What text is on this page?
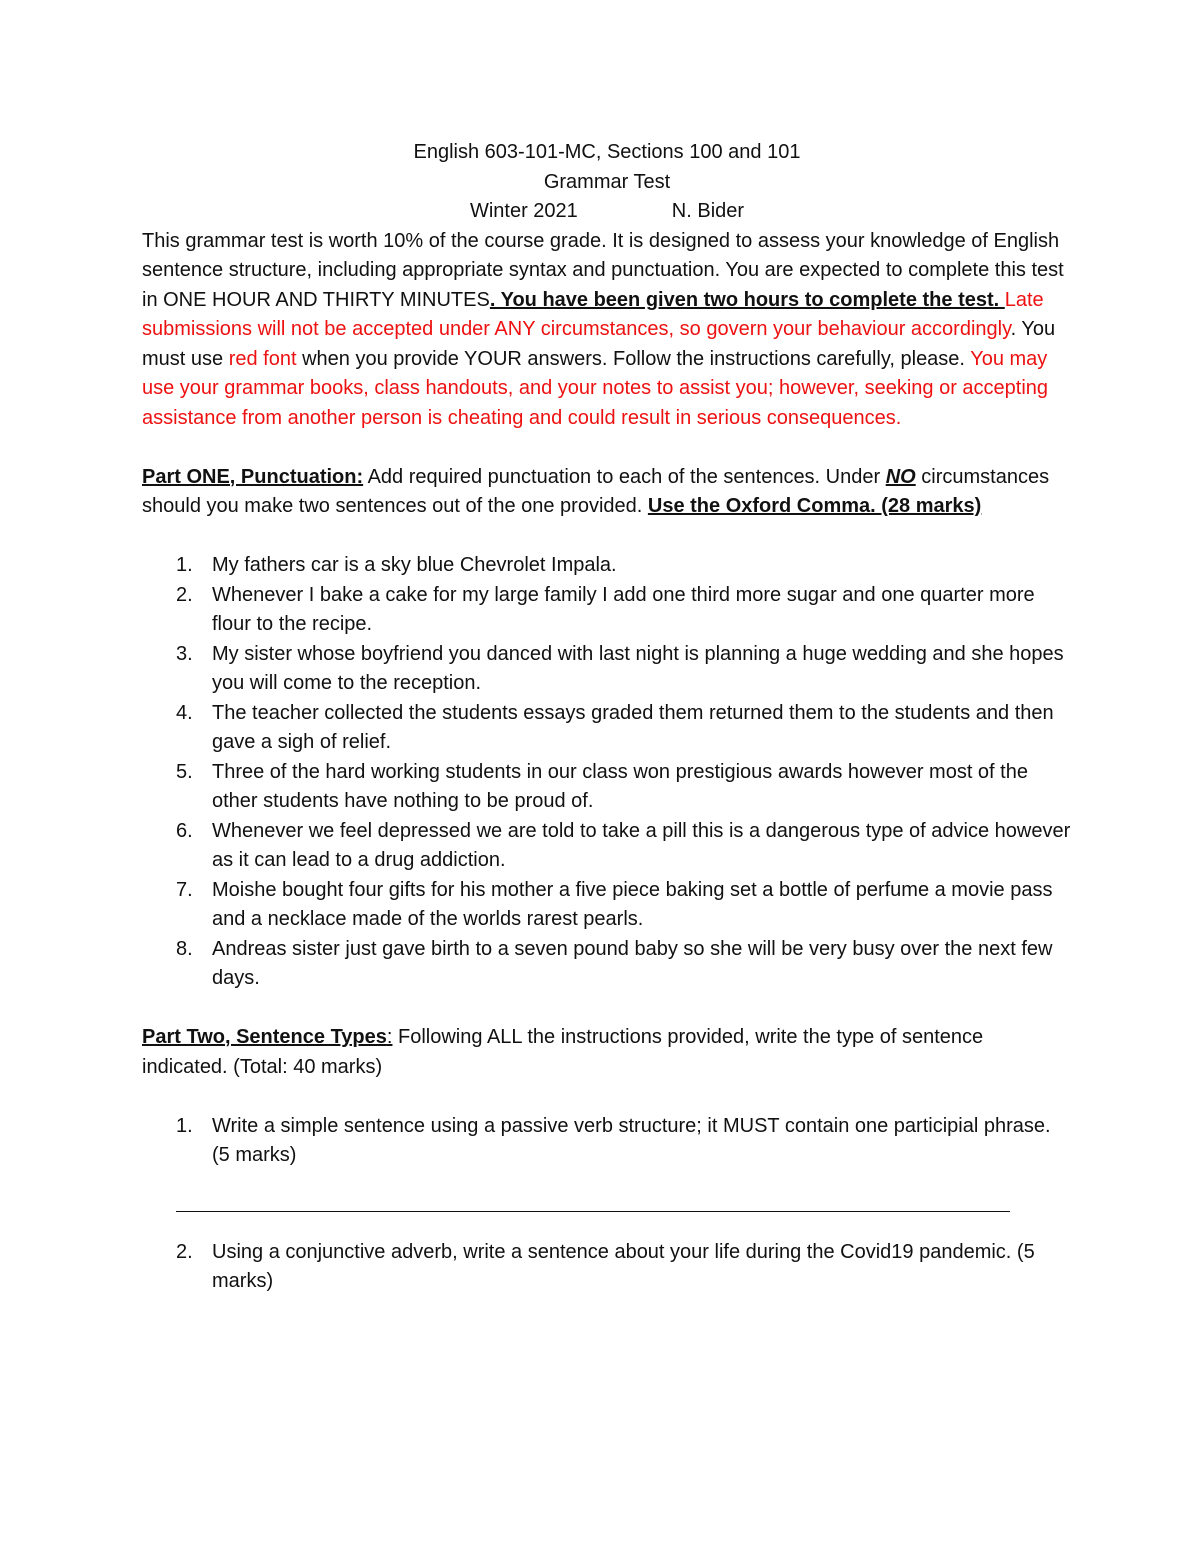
English 603-101-MC, Sections 100 and 101

Grammar Test

Winter 2021	N. Bider

This grammar test is worth 10% of the course grade. It is designed to assess your knowledge of English sentence structure, including appropriate syntax and punctuation. You are expected to complete this test in ONE HOUR AND THIRTY MINUTES. You have been given two hours to complete the test. Late submissions will not be accepted under ANY circumstances, so govern your behaviour accordingly. You must use red font when you provide YOUR answers. Follow the instructions carefully, please. You may use your grammar books, class handouts, and your notes to assist you; however, seeking or accepting assistance from another person is cheating and could result in serious consequences.

Part ONE, Punctuation: Add required punctuation to each of the sentences. Under NO circumstances should you make two sentences out of the one provided. Use the Oxford Comma. (28 marks)

1. My fathers car is a sky blue Chevrolet Impala.
2. Whenever I bake a cake for my large family I add one third more sugar and one quarter more flour to the recipe.
3. My sister whose boyfriend you danced with last night is planning a huge wedding and she hopes you will come to the reception.
4. The teacher collected the students essays graded them returned them to the students and then gave a sigh of relief.
5. Three of the hard working students in our class won prestigious awards however most of the other students have nothing to be proud of.
6. Whenever we feel depressed we are told to take a pill this is a dangerous type of advice however as it can lead to a drug addiction.
7. Moishe bought four gifts for his mother a five piece baking set a bottle of perfume a movie pass and a necklace made of the worlds rarest pearls.
8. Andreas sister just gave birth to a seven pound baby so she will be very busy over the next few days.

Part Two, Sentence Types: Following ALL the instructions provided, write the type of sentence indicated. (Total: 40 marks)

1. Write a simple sentence using a passive verb structure; it MUST contain one participial phrase. (5 marks)
2. Using a conjunctive adverb, write a sentence about your life during the Covid19 pandemic. (5 marks)
